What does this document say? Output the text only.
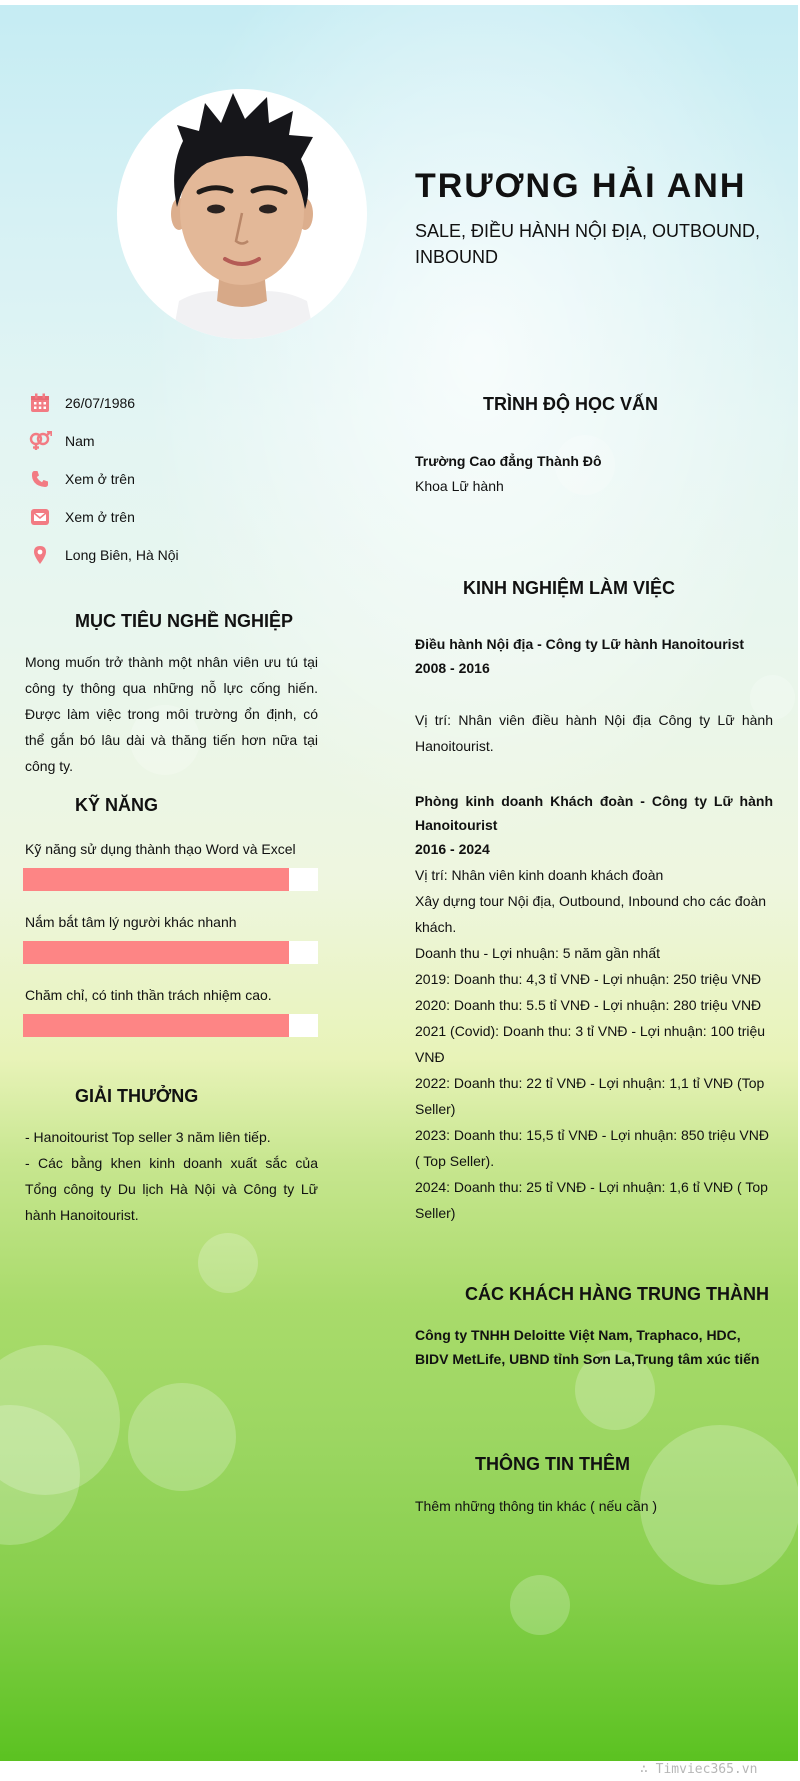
TRƯƠNG HẢI ANH
SALE, ĐIỀU HÀNH NỘI ĐỊA, OUTBOUND, INBOUND
26/07/1986
Nam
Xem ở trên
Xem ở trên
Long Biên, Hà Nội
MỤC TIÊU NGHỀ NGHIỆP
Mong muốn trở thành một nhân viên ưu tú tại công ty thông qua những nỗ lực cống hiến. Được làm việc trong môi trường ổn định, có thể gắn bó lâu dài và thăng tiến hơn nữa tại công ty.
KỸ NĂNG
Kỹ năng sử dụng thành thạo Word và Excel
Nắm bắt tâm lý người khác nhanh
Chăm chỉ, có tinh thần trách nhiệm cao.
GIẢI THƯỞNG
- Hanoitourist Top seller 3 năm liên tiếp.
- Các bằng khen kinh doanh xuất sắc của Tổng công ty Du lịch Hà Nội và Công ty Lữ hành Hanoitourist.
TRÌNH ĐỘ HỌC VẤN
Trường Cao đẳng Thành Đô
Khoa Lữ hành
KINH NGHIỆM LÀM VIỆC
Điều hành Nội địa - Công ty Lữ hành Hanoitourist
2008 - 2016
Vị trí: Nhân viên điều hành Nội địa Công ty Lữ hành Hanoitourist.
Phòng kinh doanh Khách đoàn - Công ty Lữ hành Hanoitourist
2016 - 2024
Vị trí: Nhân viên kinh doanh khách đoàn
Xây dựng tour Nội địa, Outbound, Inbound cho các đoàn khách.
Doanh thu - Lợi nhuận: 5 năm gần nhất
2019: Doanh thu: 4,3 tỉ VNĐ - Lợi nhuận: 250 triệu VNĐ
2020: Doanh thu: 5.5 tỉ VNĐ - Lợi nhuận: 280 triệu VNĐ
2021 (Covid): Doanh thu: 3 tỉ VNĐ - Lợi nhuận: 100 triệu VNĐ
2022: Doanh thu: 22 tỉ VNĐ - Lợi nhuận: 1,1 tỉ VNĐ (Top Seller)
2023: Doanh thu: 15,5 tỉ VNĐ - Lợi nhuận: 850 triệu VNĐ ( Top Seller).
2024: Doanh thu: 25 tỉ VNĐ - Lợi nhuận: 1,6 tỉ VNĐ ( Top Seller)
CÁC KHÁCH HÀNG TRUNG THÀNH
Công ty TNHH Deloitte Việt Nam, Traphaco, HDC, BIDV MetLife, UBND tỉnh Sơn La,Trung tâm xúc tiến
THÔNG TIN THÊM
Thêm những thông tin khác ( nếu cần )
∴ Timviec365.vn
